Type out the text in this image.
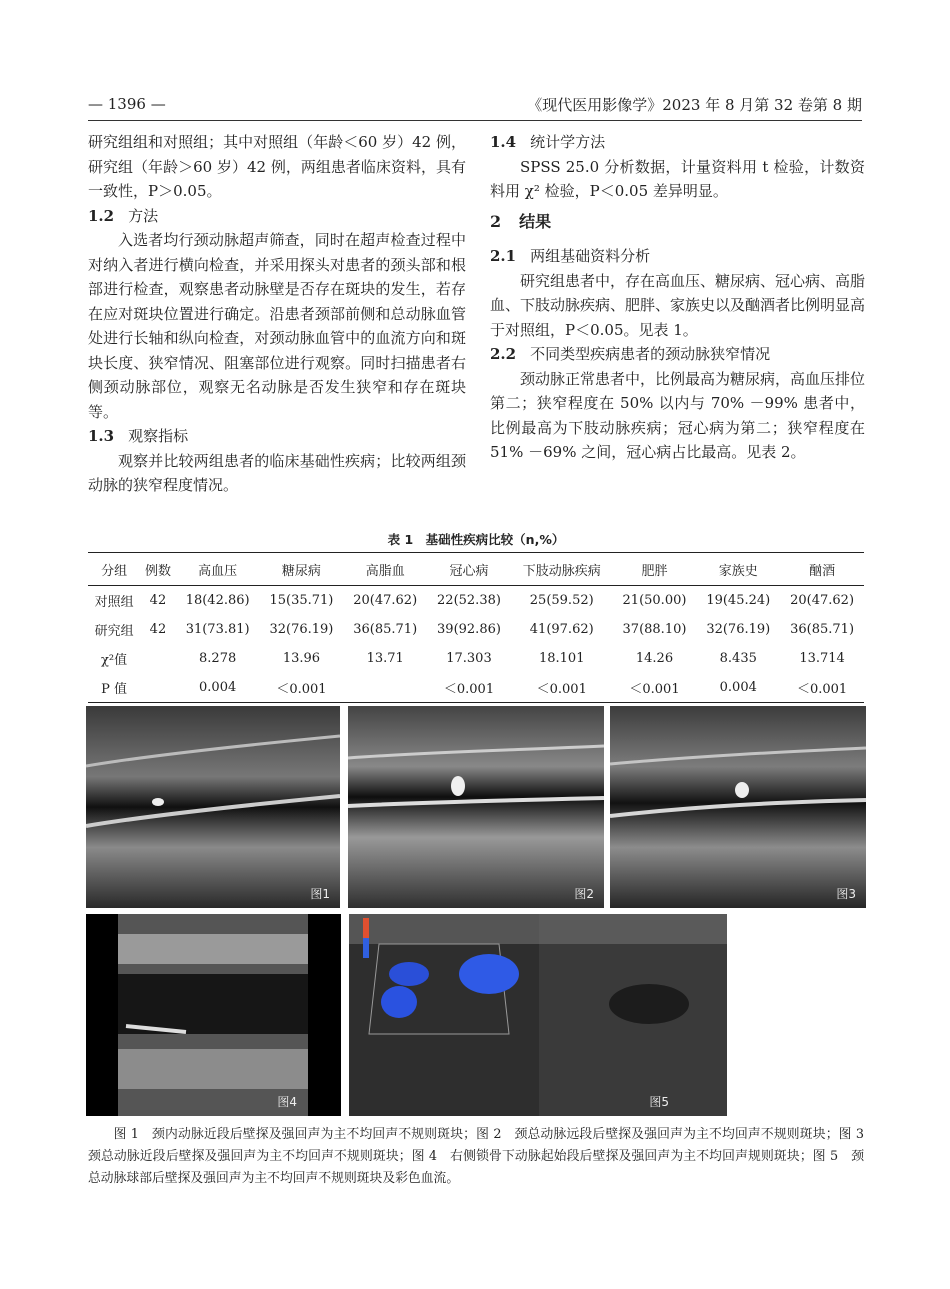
— 1396 —	《现代医用影像学》2023 年 8 月第 32 卷第 8 期

研究组组和对照组；其中对照组（年龄＜60 岁）42 例，研究组（年龄＞60 岁）42 例，两组患者临床资料，具有一致性，P＞0.05。

1.2 方法

入选者均行颈动脉超声筛查，同时在超声检查过程中对纳入者进行横向检查，并采用探头对患者的颈头部和根部进行检查，观察患者动脉壁是否存在斑块的发生，若存在应对斑块位置进行确定。沿患者颈部前侧和总动脉血管处进行长轴和纵向检查，对颈动脉血管中的血流方向和斑块长度、狭窄情况、阻塞部位进行观察。同时扫描患者右侧颈动脉部位，观察无名动脉是否发生狭窄和存在斑块等。

1.3 观察指标

观察并比较两组患者的临床基础性疾病；比较两组颈动脉的狭窄程度情况。

1.4 统计学方法

SPSS 25.0 分析数据，计量资料用 t 检验，计数资料用 χ² 检验，P＜0.05 差异明显。

2 结果
2.1 两组基础资料分析

研究组患者中，存在高血压、糖尿病、冠心病、高脂血、下肢动脉疾病、肥胖、家族史以及酗酒者比例明显高于对照组，P＜0.05。见表 1。

2.2 不同类型疾病患者的颈动脉狭窄情况

颈动脉正常患者中，比例最高为糖尿病，高血压排位第二；狭窄程度在 50% 以内与 70% －99% 患者中，比例最高为下肢动脉疾病；冠心病为第二；狭窄程度在 51% －69% 之间，冠心病占比最高。见表 2。

表 1　基础性疾病比较（n,%）
分组	例数	高血压	糖尿病	高脂血	冠心病	下肢动脉疾病	肥胖	家族史	酗酒
对照组	42	18(42.86)	15(35.71)	20(47.62)	22(52.38)	25(59.52)	21(50.00)	19(45.24)	20(47.62)
研究组	42	31(73.81)	32(76.19)	36(85.71)	39(92.86)	41(97.62)	37(88.10)	32(76.19)	36(85.71)
χ²值		8.278	13.96	13.71	17.303	18.101	14.26	8.435	13.714
P 值		0.004	＜0.001		＜0.001	＜0.001	＜0.001	0.004	＜0.001
图1	图2	图3
图4	图5

图 1　颈内动脉近段后壁探及强回声为主不均回声不规则斑块；图 2　颈总动脉远段后壁探及强回声为主不均回声不规则斑块；图 3　颈总动脉近段后壁探及强回声为主不均回声不规则斑块；图 4　右侧锁骨下动脉起始段后壁探及强回声为主不均回声规则斑块；图 5　颈总动脉球部后壁探及强回声为主不均回声不规则斑块及彩色血流。
